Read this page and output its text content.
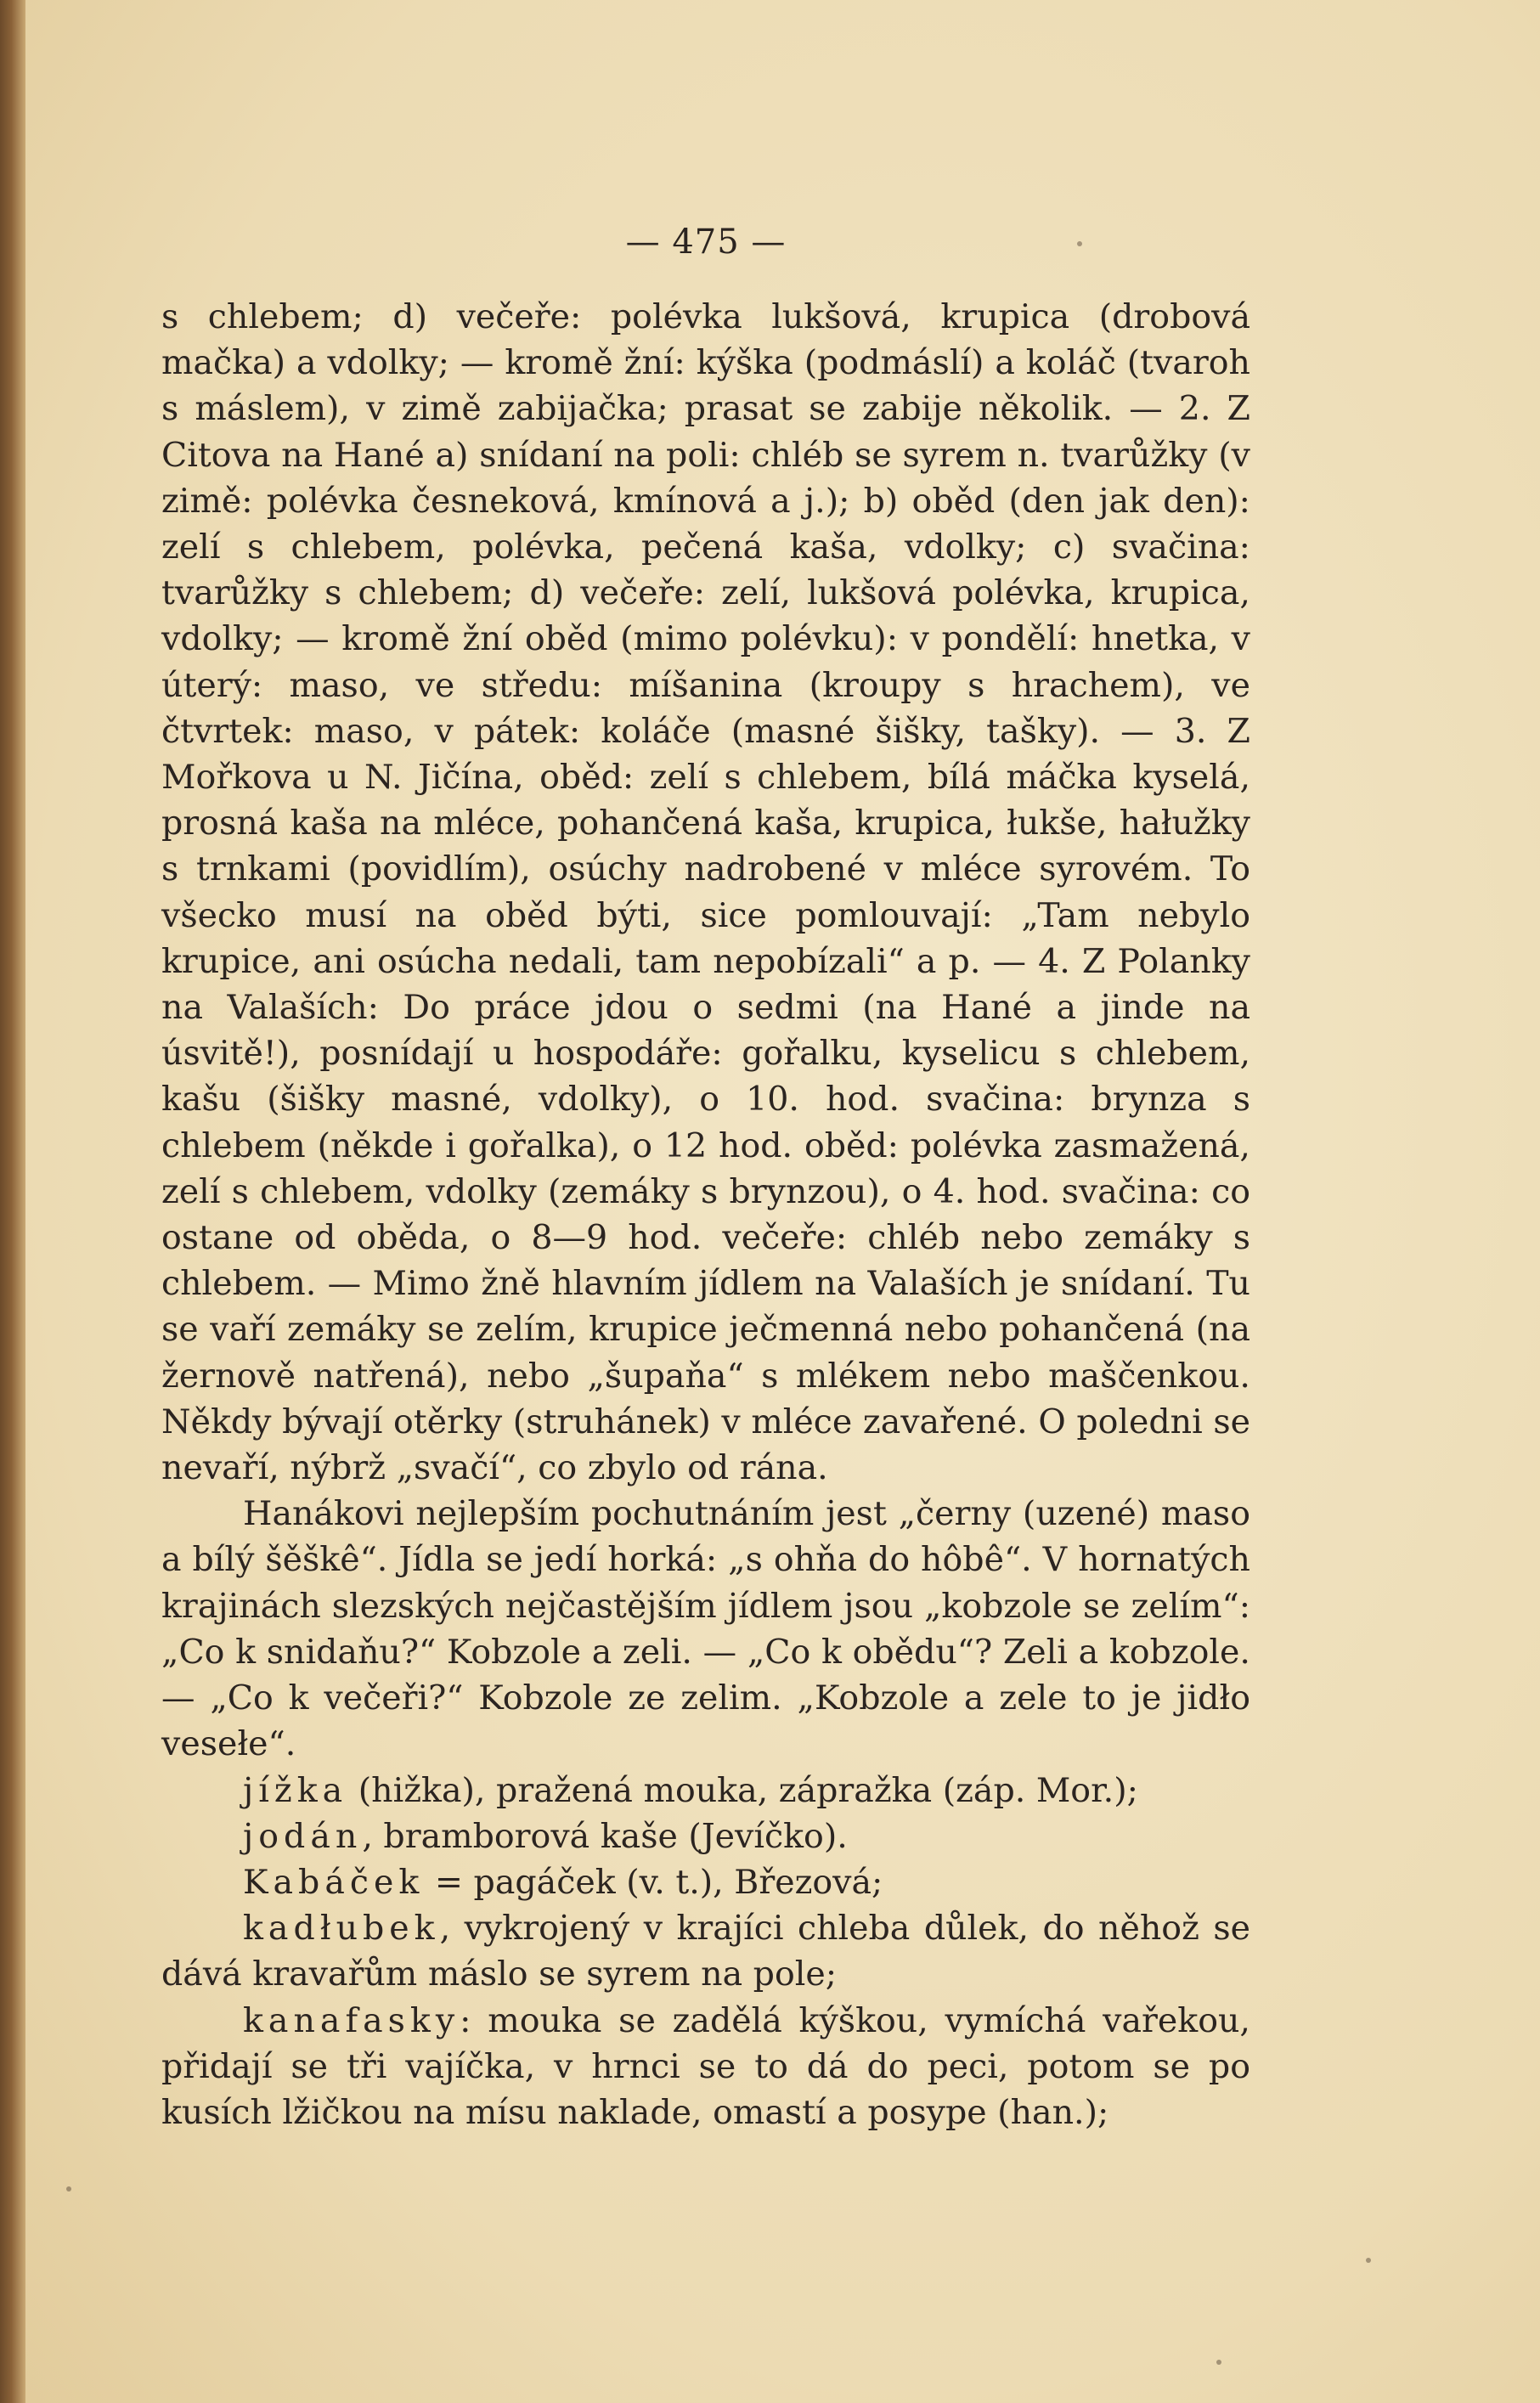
— 475 —

s chlebem; d) večeře: polévka lukšová, krupica (drobová mačka) a vdolky; — kromě žní: kýška (podmáslí) a koláč (tvaroh s máslem), v zimě zabijačka; prasat se zabije několik. — 2. Z Citova na Hané a) snídaní na poli: chléb se syrem n. tvarůžky (v zimě: polévka česneková, kmínová a j.); b) oběd (den jak den): zelí s chlebem, polévka, pečená kaša, vdolky; c) svačina: tvarůžky s chlebem; d) večeře: zelí, lukšová polévka, krupica, vdolky; — kromě žní oběd (mimo polévku): v pondělí: hnetka, v úterý: maso, ve středu: míšanina (kroupy s hrachem), ve čtvrtek: maso, v pátek: koláče (masné šišky, tašky). — 3. Z Mořkova u N. Jičína, oběd: zelí s chlebem, bílá máčka kyselá, prosná kaša na mléce, pohančená kaša, krupica, łukše, hałužky s trnkami (povidlím), osúchy nadrobené v mléce syrovém. To všecko musí na oběd býti, sice pomlouvají: „Tam nebylo krupice, ani osúcha nedali, tam nepobízali“ a p. — 4. Z Polanky na Valaších: Do práce jdou o sedmi (na Hané a jinde na úsvitě!), posnídají u hospodáře: gořalku, kyselicu s chlebem, kašu (šišky masné, vdolky), o 10. hod. svačina: brynza s chlebem (někde i gořalka), o 12 hod. oběd: polévka zasmažená, zelí s chlebem, vdolky (zemáky s brynzou), o 4. hod. svačina: co ostane od oběda, o 8—9 hod. večeře: chléb nebo zemáky s chlebem. — Mimo žně hlavním jídlem na Valaších je snídaní. Tu se vaří zemáky se zelím, krupice ječmenná nebo pohančená (na žernově natřená), nebo „šupaňa“ s mlékem nebo maščenkou. Někdy bývají otěrky (struhánek) v mléce zavařené. O poledni se nevaří, nýbrž „svačí“, co zbylo od rána.

Hanákovi nejlepším pochutnáním jest „černy (uzené) maso a bílý šěškê“. Jídla se jedí horká: „s ohňa do hôbê“. V hornatých krajinách slezských nejčastějším jídlem jsou „kobzole se zelím“: „Co k snidaňu?“ Kobzole a zeli. — „Co k obědu“? Zeli a kobzole. — „Co k večeři?“ Kobzole ze zelim. „Kobzole a zele to je jidło vesełe“.

jížka (hižka), pražená mouka, zápražka (záp. Mor.);

jodán, bramborová kaše (Jevíčko).

Kabáček = pagáček (v. t.), Březová;

kadłubek, vykrojený v krajíci chleba důlek, do něhož se dává kravařům máslo se syrem na pole;

kanafasky: mouka se zadělá kýškou, vymíchá vařekou, přidají se tři vajíčka, v hrnci se to dá do peci, potom se po kusích lžičkou na mísu naklade, omastí a posype (han.);
